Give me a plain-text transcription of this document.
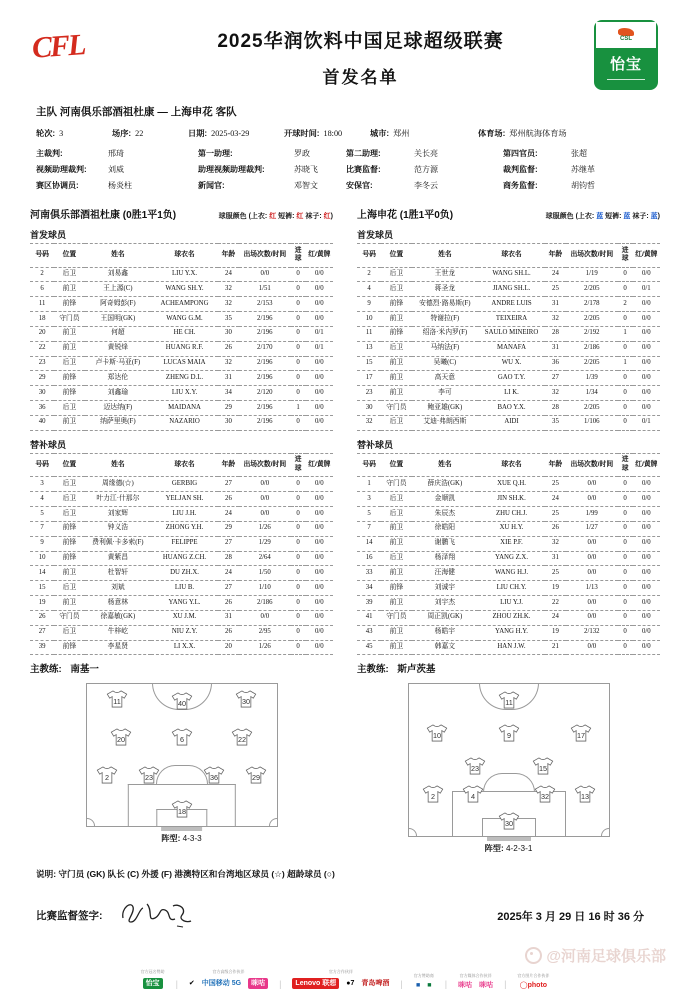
CFL	2025华润饮料中国足球超级联赛
首发名单
CSL
怡宝
主队 河南俱乐部酒祖杜康 — 上海申花 客队
轮次: 3	场序: 22	日期: 2025-03-29	开球时间: 18:00	城市: 郑州	体育场: 郑州航海体育场
主裁判:	邢琦	第一助理:	罗政	第二助理:	关长亮	第四官员:	张超
视频助理裁判:	刘威	助理视频助理裁判:	苏晓飞	比赛监督:	范方源	裁判监督:	苏继革
赛区协调员:	杨炎柱	新闻官:	邓智文	安保官:	李冬云	商务监督:	胡钧哲
河南俱乐部酒祖杜康 (0胜1平1负)	球服颜色 (上衣: 红 短裤: 红 袜子: 红)
首发球员
号码	位置	姓名	球衣名	年龄	出场次数/时间	进球	红/黄牌
2	后卫	刘易鑫	LIU Y.X.	24	0/0	0	0/0
6	前卫	王上源(C)	WANG SH.Y.	32	1/51	0	0/0
11	前锋	阿奇姆彭(F)	ACHEAMPONG	32	2/153	0	0/0
18	守门员	王国明(GK)	WANG G.M.	35	2/196	0	0/0
20	前卫	何超	HE CH.	30	2/196	0	0/1
22	前卫	黄锐烽	HUANG R.F.	26	2/170	0	0/1
23	后卫	卢卡斯·马亚(F)	LUCAS MAIA	32	2/196	0	0/0
29	前锋	郑达伦	ZHENG D.L.	31	2/196	0	0/0
30	前锋	刘鑫瑜	LIU X.Y.	34	2/120	0	0/0
36	后卫	迈达纳(F)	MAIDANA	29	2/196	1	0/0
40	前卫	纳萨里奥(F)	NAZARIO	30	2/196	0	0/0
替补球员
号码	位置	姓名	球衣名	年龄	出场次数/时间	进球	红/黄牌
3	后卫	周缘德(☆)	GERBIG	27	0/0	0	0/0
4	后卫	叶力江·什那尔	YELJAN SH.	26	0/0	0	0/0
5	后卫	刘家辉	LIU J.H.	24	0/0	0	0/0
7	前锋	钟义浩	ZHONG Y.H.	29	1/26	0	0/0
9	前锋	费利佩·卡多索(F)	FELIPPE	27	1/29	0	0/0
10	前锋	黄紫昌	HUANG Z.CH.	28	2/64	0	0/0
14	前卫	杜智轩	DU ZH.X.	24	1/50	0	0/0
15	后卫	刘斌	LIU B.	27	1/10	0	0/0
19	前卫	杨意林	YANG Y.L.	26	2/186	0	0/0
26	守门员	徐嘉敏(GK)	XU J.M.	31	0/0	0	0/0
27	后卫	牛梓屹	NIU Z.Y.	26	2/95	0	0/0
39	前锋	李星贤	LI X.X.	20	1/26	0	0/0
主教练: 南基一
11	40	30
20	6	22
2	23	36	29
18
阵型: 4-3-3
上海申花 (1胜1平0负)	球服颜色 (上衣: 蓝 短裤: 蓝 袜子: 蓝)
首发球员
号码	位置	姓名	球衣名	年龄	出场次数/时间	进球	红/黄牌
2	后卫	王世龙	WANG SH.L.	24	1/19	0	0/0
4	后卫	蒋圣龙	JIANG SH.L.	25	2/205	0	0/1
9	前锋	安德烈·路易斯(F)	ANDRE LUIS	31	2/178	2	0/0
10	前卫	特谢拉(F)	TEIXEIRA	32	2/205	0	0/0
11	前锋	绍洛·米内罗(F)	SAULO MINEIRO	28	2/192	1	0/0
13	后卫	马纳法(F)	MANAFA	31	2/186	0	0/0
15	前卫	吴曦(C)	WU X.	36	2/205	1	0/0
17	前卫	高天意	GAO T.Y.	27	1/39	0	0/0
23	前卫	李可	LI K.	32	1/34	0	0/0
30	守门员	鲍亚雄(GK)	BAO Y.X.	28	2/205	0	0/0
32	后卫	艾迪·弗朗西斯	AIDI	35	1/106	0	0/1
替补球员
号码	位置	姓名	球衣名	年龄	出场次数/时间	进球	红/黄牌
1	守门员	薛庆浩(GK)	XUE Q.H.	25	0/0	0	0/0
3	后卫	金顺凯	JIN SH.K.	24	0/0	0	0/0
5	后卫	朱辰杰	ZHU CH.J.	25	1/99	0	0/0
7	前卫	徐皓阳	XU H.Y.	26	1/27	0	0/0
14	前卫	谢鹏飞	XIE P.F.	32	0/0	0	0/0
16	后卫	杨泽翔	YANG Z.X.	31	0/0	0	0/0
33	前卫	汪海健	WANG H.J.	25	0/0	0	0/0
34	前锋	刘诚宇	LIU CH.Y.	19	1/13	0	0/0
39	前卫	刘宇杰	LIU Y.J.	22	0/0	0	0/0
41	守门员	周正凯(GK)	ZHOU ZH.K.	24	0/0	0	0/0
43	前卫	杨皓宇	YANG H.Y.	19	2/132	0	0/0
45	前卫	韩嘉文	HAN J.W.	21	0/0	0	0/0
主教练: 斯卢茨基
11
10	9	17
23	15
2	4	32	13
30
阵型: 4-2-3-1
说明: 守门员 (GK) 队长 (C) 外援 (F) 港澳特区和台湾地区球员 (☆) 超龄球员 (○)
比赛监督签字:	2025年 3 月 29 日 16 时 36 分
官方冠名赞助
怡宝	|
官方高级合作伙伴
✔ 中国移动 5G	咪咕	|
官方合作伙伴
Lenovo 联想	●7 青岛啤酒 |
官方赞助商
■ ■ |
官方媒体合作伙伴
咪咕 咪咕 |
官方图片合作伙伴
◯photo
@河南足球俱乐部
